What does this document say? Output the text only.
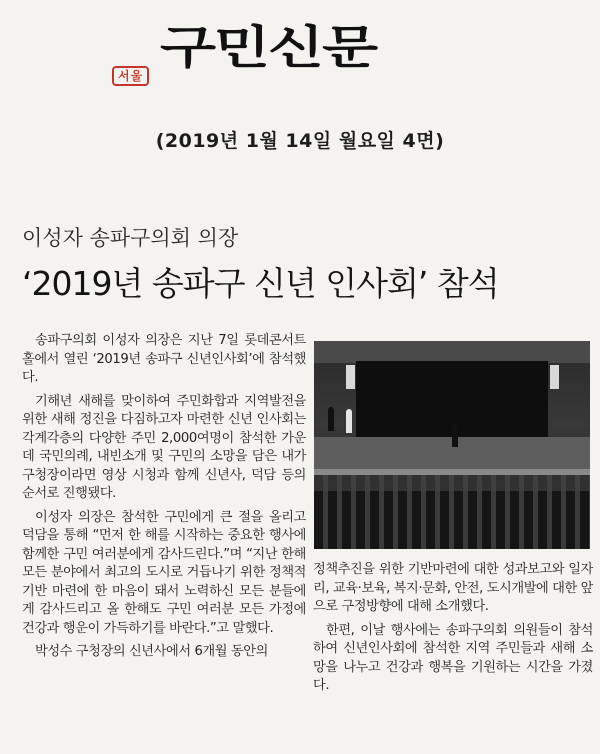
서울
구민신문
(2019년 1월 14일 월요일 4면)
이성자 송파구의회 의장
‘2019년 송파구 신년 인사회’ 참석

송파구의회 이성자 의장은 지난 7일 롯데콘서트홀에서 열린 ‘2019년 송파구 신년인사회’에 참석했다.

기해년 새해를 맞이하여 주민화합과 지역발전을 위한 새해 정진을 다짐하고자 마련한 신년 인사회는 각계각층의 다양한 주민 2,000여명이 참석한 가운데 국민의례, 내빈소개 및 구민의 소망을 담은 내가 구청장이라면 영상 시청과 함께 신년사, 덕담 등의 순서로 진행됐다.

이성자 의장은 참석한 구민에게 큰 절을 올리고 덕담을 통해 “먼저 한 해를 시작하는 중요한 행사에 함께한 구민 여러분에게 감사드린다.”며 “지난 한해 모든 분야에서 최고의 도시로 거듭나기 위한 정책적 기반 마련에 한 마음이 돼서 노력하신 모든 분들에게 감사드리고 올 한해도 구민 여러분 모든 가정에 건강과 행운이 가득하기를 바란다.”고 말했다.

박성수 구청장의 신년사에서 6개월 동안의

정책추진을 위한 기반마련에 대한 성과보고와 일자리, 교육·보육, 복지·문화, 안전, 도시개발에 대한 앞으로 구정방향에 대해 소개했다.

한편, 이날 행사에는 송파구의회 의원들이 참석하여 신년인사회에 참석한 지역 주민들과 새해 소망을 나누고 건강과 행복을 기원하는 시간을 가졌다.
